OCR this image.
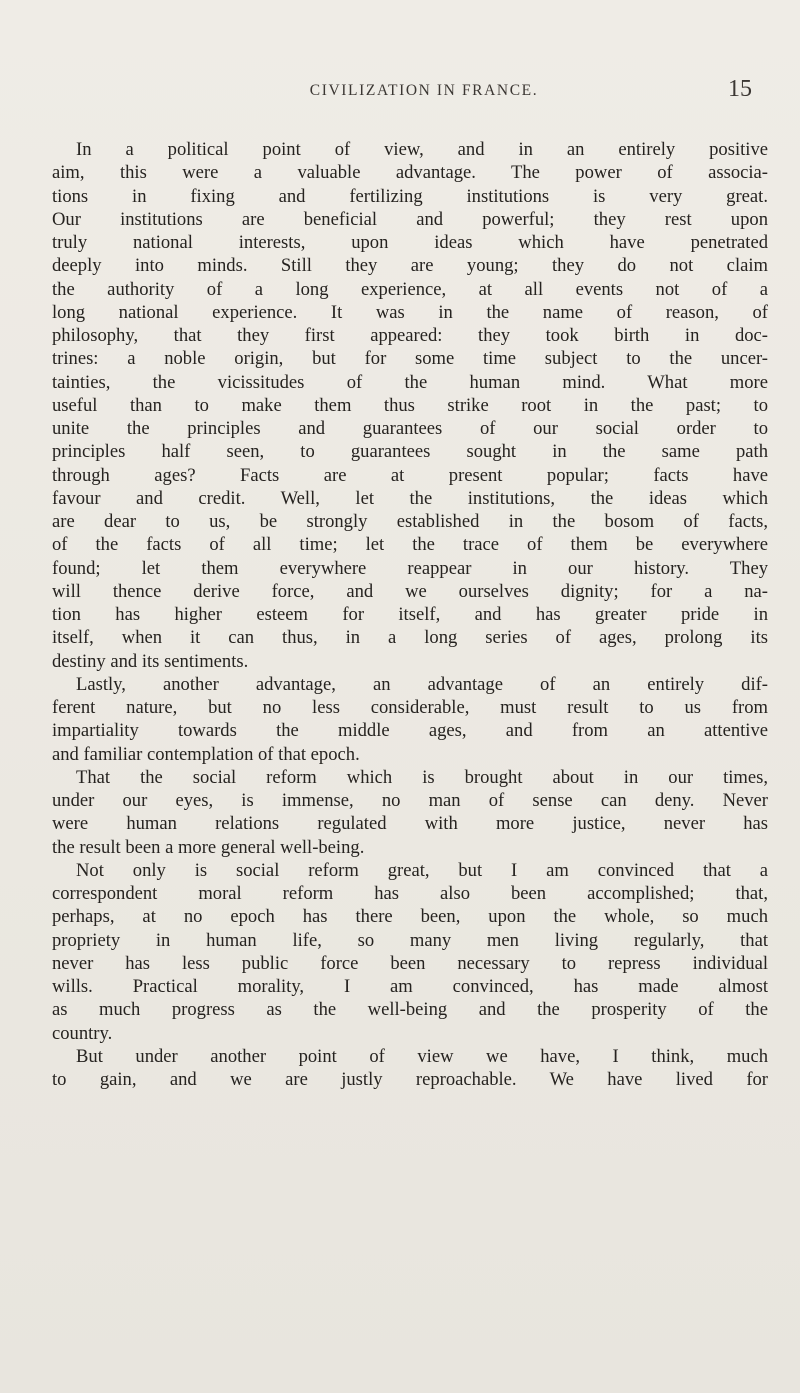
CIVILIZATION IN FRANCE.	15
In a political point of view, and in an entirely positive
aim, this were a valuable advantage. The power of associa-
tions in fixing and fertilizing institutions is very great.
Our institutions are beneficial and powerful; they rest upon
truly national interests, upon ideas which have penetrated
deeply into minds. Still they are young; they do not claim
the authority of a long experience, at all events not of a
long national experience. It was in the name of reason, of
philosophy, that they first appeared: they took birth in doc-
trines: a noble origin, but for some time subject to the uncer-
tainties, the vicissitudes of the human mind. What more
useful than to make them thus strike root in the past; to
unite the principles and guarantees of our social order to
principles half seen, to guarantees sought in the same path
through ages? Facts are at present popular; facts have
favour and credit. Well, let the institutions, the ideas which
are dear to us, be strongly established in the bosom of facts,
of the facts of all time; let the trace of them be everywhere
found; let them everywhere reappear in our history. They
will thence derive force, and we ourselves dignity; for a na-
tion has higher esteem for itself, and has greater pride in
itself, when it can thus, in a long series of ages, prolong its
destiny and its sentiments.
Lastly, another advantage, an advantage of an entirely dif-
ferent nature, but no less considerable, must result to us from
impartiality towards the middle ages, and from an attentive
and familiar contemplation of that epoch.
That the social reform which is brought about in our times,
under our eyes, is immense, no man of sense can deny. Never
were human relations regulated with more justice, never has
the result been a more general well-being.
Not only is social reform great, but I am convinced that a
correspondent moral reform has also been accomplished; that,
perhaps, at no epoch has there been, upon the whole, so much
propriety in human life, so many men living regularly, that
never has less public force been necessary to repress individual
wills. Practical morality, I am convinced, has made almost
as much progress as the well-being and the prosperity of the
country.
But under another point of view we have, I think, much
to gain, and we are justly reproachable. We have lived for
